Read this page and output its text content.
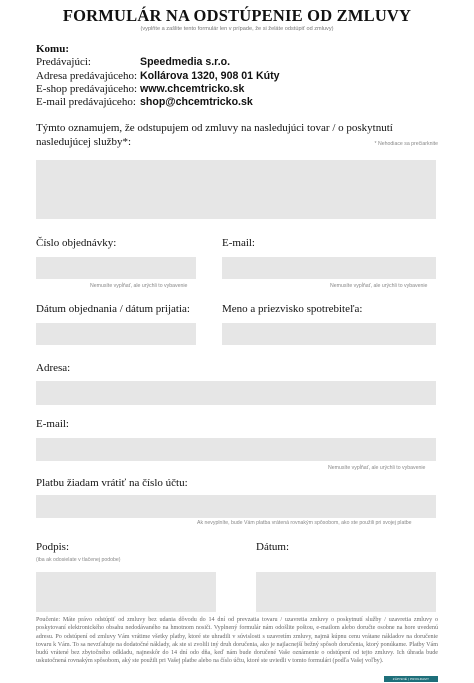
FORMULÁR NA ODSTÚPENIE OD ZMLUVY
(vyplňte a zašlite tento formulár len v prípade, že si želáte odstúpiť od zmluvy)
Komu:
Predávajúci:	Speedmedia s.r.o.
Adresa predávajúceho: Kollárova 1320, 908 01 Kúty
E-shop predávajúceho: www.chcemtricko.sk
E-mail predávajúceho: shop@chcemtricko.sk
Týmto oznamujem, že odstupujem od zmluvy na nasledujúci tovar / o poskytnutí nasledujúcej služby*:	* Nehodiace sa prečiarknite
Číslo objednávky:
Nemusíte vypĺňať, ale urýchli to vybavenie
E-mail:
Nemusíte vypĺňať, ale urýchli to vybavenie
Dátum objednania / dátum prijatia:	Meno a priezvisko spotrebiteľa:
Adresa:
E-mail:
Nemusíte vypĺňať, ale urýchli to vybavenie
Platbu žiadam vrátiť na číslo účtu:
Ak nevyplníte, bude Vám platba vrátená rovnakým spôsobom, ako ste použili pri svojej platbe
Podpis:
(iba ak odosielate v tlačenej podobe)
Dátum:
Poučenie: Máte právo odstúpiť od zmluvy bez udania dôvodu do 14 dní od prevzatia tovaru / uzavretia zmluvy o poskytnutí služby / uzavretia zmluvy o poskytovaní elektronického obsahu nedodávaného na hmotnom nosiči. Vyplnený formulár nám odošlite poštou, e-mailom alebo doručte osobne na hore uvedenú adresu. Po odstúpení od zmluvy Vám vrátime všetky platby, ktoré ste uhradili v súvislosti s uzavretím zmluvy, najmä kúpnu cenu vrátane nákladov na doručenie tovaru k Vám. To sa nevzťahuje na dodatočné náklady, ak ste si zvolili iný druh doručenia, ako je najlacnejší bežný spôsob doručenia, ktorý ponúkame. Platby Vám budú vrátené bez zbytočného odkladu, najneskôr do 14 dní odo dňa, keď nám bude doručené Vaše oznámenie o odstúpení od tejto zmluvy. Ich úhrada bude uskutočnená rovnakým spôsobom, aký ste použili pri Vašej platbe alebo na číslo účtu, ktoré ste uviedli v tomto formulári (podľa Vašej voľby).
ZÁPISNÉ | PROGRAMY
